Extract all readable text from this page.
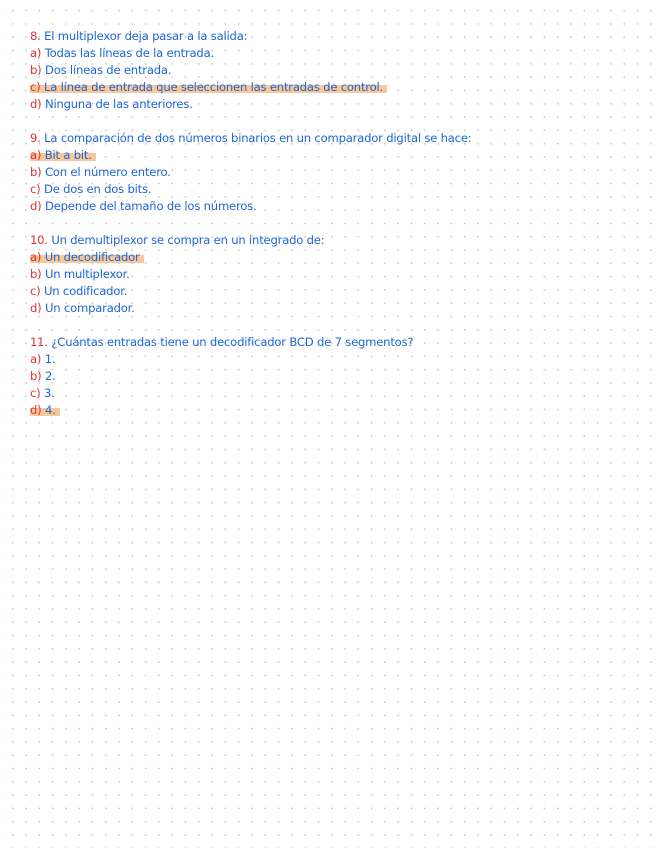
8. El multiplexor deja pasar a la salida:
a) Todas las líneas de la entrada.
b) Dos líneas de entrada.
c) La línea de entrada que seleccionen las entradas de control.
d) Ninguna de las anteriores.
9. La comparación de dos números binarios en un comparador digital se hace:
a) Bit a bit.
b) Con el número entero.
c) De dos en dos bits.
d) Depende del tamaño de los números.
10. Un demultiplexor se compra en un integrado de:
a) Un decodificador
b) Un multiplexor.
c) Un codificador.
d) Un comparador.
11. ¿Cuántas entradas tiene un decodificador BCD de 7 segmentos?
a) 1.
b) 2.
c) 3.
d) 4.
